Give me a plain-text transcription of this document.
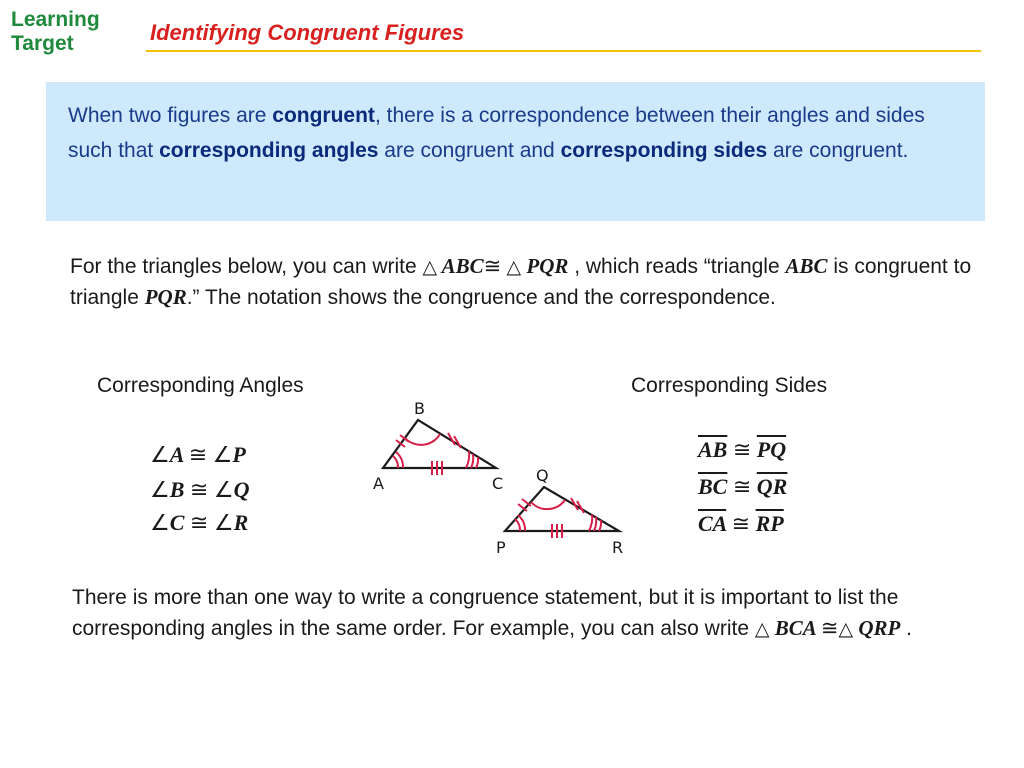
Learning
Target	Identifying Congruent Figures
When two figures are congruent, there is a correspondence between their angles and sides such that corresponding angles are congruent and corresponding sides are congruent.
For the triangles below, you can write △ ABC≅ △ PQR , which reads “triangle ABC is congruent to triangle PQR.” The notation shows the congruence and the correspondence.
Corresponding Angles	Corresponding Sides
∠A ≅ ∠P
∠B ≅ ∠Q
∠C ≅ ∠R
$\overline{AB}$ ≅ $\overline{PQ}$
$\overline{BC}$ ≅ $\overline{QR}$
$\overline{CA}$ ≅ $\overline{RP}$
B
A	C Q
P	R
There is more than one way to write a congruence statement, but it is important to list the corresponding angles in the same order. For example, you can also write △ BCA ≅△ QRP .
